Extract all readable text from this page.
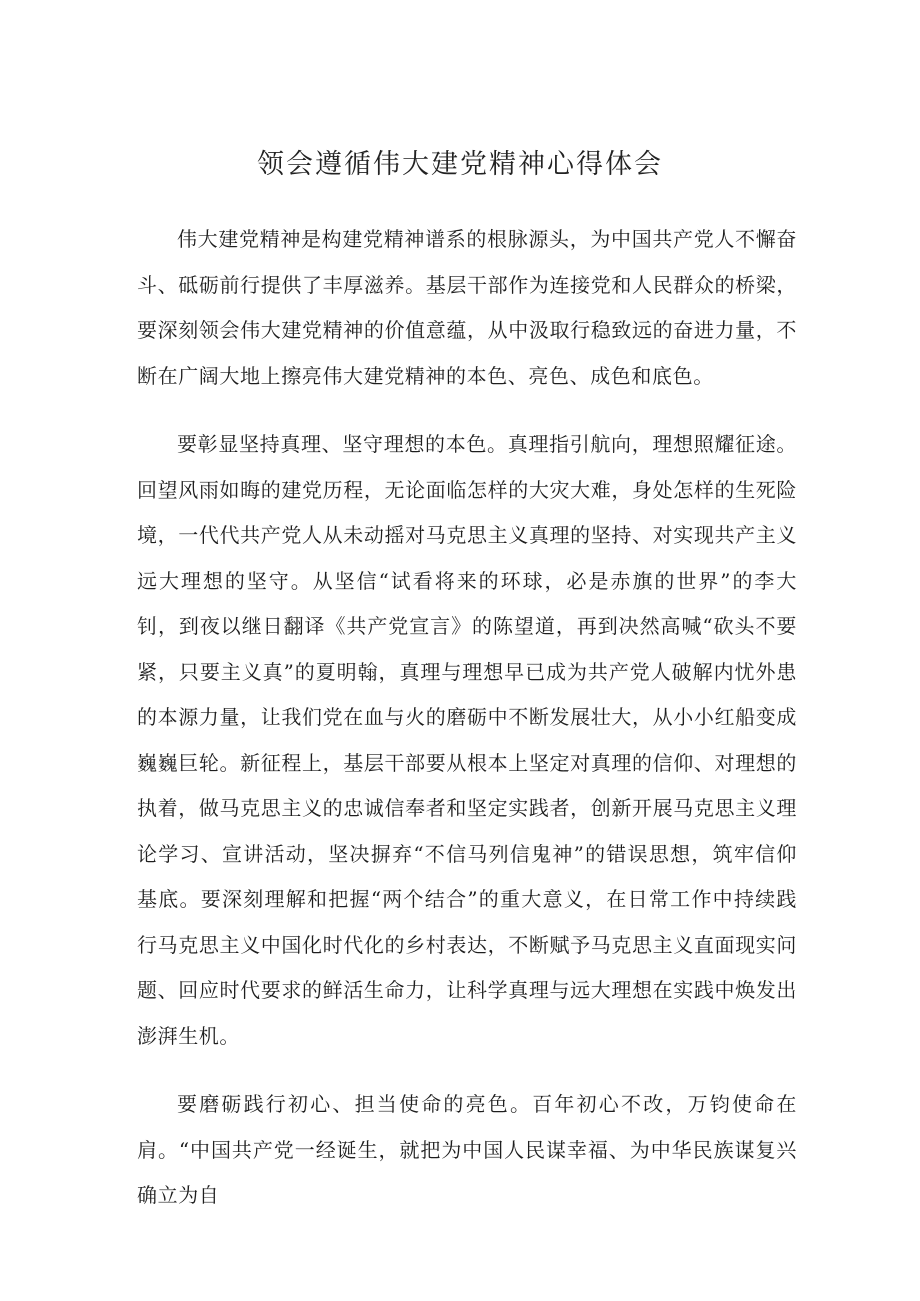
领会遵循伟大建党精神心得体会

伟大建党精神是构建党精神谱系的根脉源头，为中国共产党人不懈奋斗、砥砺前行提供了丰厚滋养。基层干部作为连接党和人民群众的桥梁，要深刻领会伟大建党精神的价值意蕴，从中汲取行稳致远的奋进力量，不断在广阔大地上擦亮伟大建党精神的本色、亮色、成色和底色。

要彰显坚持真理、坚守理想的本色。真理指引航向，理想照耀征途。回望风雨如晦的建党历程，无论面临怎样的大灾大难，身处怎样的生死险境，一代代共产党人从未动摇对马克思主义真理的坚持、对实现共产主义远大理想的坚守。从坚信“试看将来的环球，必是赤旗的世界”的李大钊，到夜以继日翻译《共产党宣言》的陈望道，再到决然高喊“砍头不要紧，只要主义真”的夏明翰，真理与理想早已成为共产党人破解内忧外患的本源力量，让我们党在血与火的磨砺中不断发展壮大，从小小红船变成巍巍巨轮。新征程上，基层干部要从根本上坚定对真理的信仰、对理想的执着，做马克思主义的忠诚信奉者和坚定实践者，创新开展马克思主义理论学习、宣讲活动，坚决摒弃“不信马列信鬼神”的错误思想，筑牢信仰基底。要深刻理解和把握“两个结合”的重大意义，在日常工作中持续践行马克思主义中国化时代化的乡村表达，不断赋予马克思主义直面现实问题、回应时代要求的鲜活生命力，让科学真理与远大理想在实践中焕发出澎湃生机。

要磨砺践行初心、担当使命的亮色。百年初心不改，万钧使命在肩。“中国共产党一经诞生，就把为中国人民谋幸福、为中华民族谋复兴确立为自
